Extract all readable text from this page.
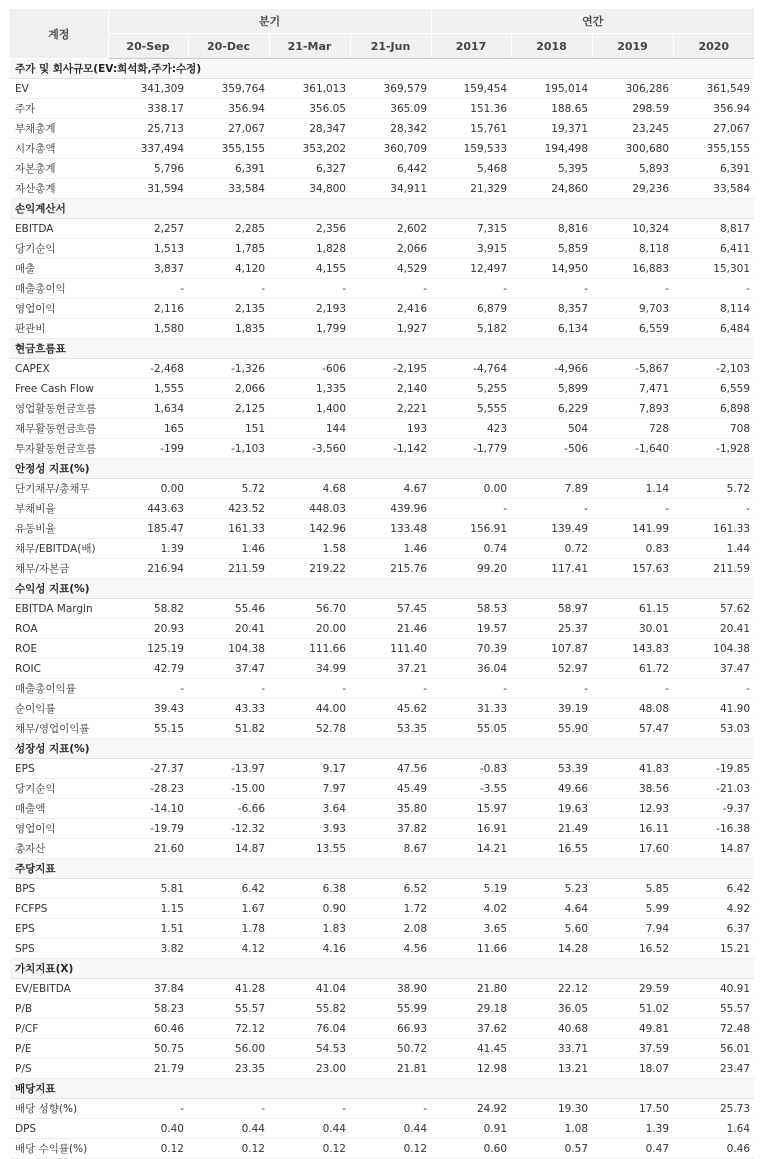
계정	분기				연간			
	20-Sep	20-Dec	21-Mar	21-Jun	2017	2018	2019	2020
주가 및 회사규모(EV:희석화,주가:수정)								
EV	341,309	359,764	361,013	369,579	159,454	195,014	306,286	361,549
주가	338.17	356.94	356.05	365.09	151.36	188.65	298.59	356.94
부채총계	25,713	27,067	28,347	28,342	15,761	19,371	23,245	27,067
시가총액	337,494	355,155	353,202	360,709	159,533	194,498	300,680	355,155
자본총계	5,796	6,391	6,327	6,442	5,468	5,395	5,893	6,391
자산총계	31,594	33,584	34,800	34,911	21,329	24,860	29,236	33,584
손익계산서								
EBITDA	2,257	2,285	2,356	2,602	7,315	8,816	10,324	8,817
당기순익	1,513	1,785	1,828	2,066	3,915	5,859	8,118	6,411
매출	3,837	4,120	4,155	4,529	12,497	14,950	16,883	15,301
매출총이익	-	-	-	-	-	-	-	-
영업이익	2,116	2,135	2,193	2,416	6,879	8,357	9,703	8,114
판관비	1,580	1,835	1,799	1,927	5,182	6,134	6,559	6,484
현금흐름표								
CAPEX	-2,468	-1,326	-606	-2,195	-4,764	-4,966	-5,867	-2,103
Free Cash Flow	1,555	2,066	1,335	2,140	5,255	5,899	7,471	6,559
영업활동현금흐름	1,634	2,125	1,400	2,221	5,555	6,229	7,893	6,898
재무활동현금흐름	165	151	144	193	423	504	728	708
투자활동현금흐름	-199	-1,103	-3,560	-1,142	-1,779	-506	-1,640	-1,928
안정성 지표(%)								
단기채무/총채무	0.00	5.72	4.68	4.67	0.00	7.89	1.14	5.72
부채비율	443.63	423.52	448.03	439.96	-	-	-	-
유동비율	185.47	161.33	142.96	133.48	156.91	139.49	141.99	161.33
채무/EBITDA(배)	1.39	1.46	1.58	1.46	0.74	0.72	0.83	1.44
채무/자본금	216.94	211.59	219.22	215.76	99.20	117.41	157.63	211.59
수익성 지표(%)								
EBITDA Margin	58.82	55.46	56.70	57.45	58.53	58.97	61.15	57.62
ROA	20.93	20.41	20.00	21.46	19.57	25.37	30.01	20.41
ROE	125.19	104.38	111.66	111.40	70.39	107.87	143.83	104.38
ROIC	42.79	37.47	34.99	37.21	36.04	52.97	61.72	37.47
매출총이익률	-	-	-	-	-	-	-	-
순이익률	39.43	43.33	44.00	45.62	31.33	39.19	48.08	41.90
채무/영업이익률	55.15	51.82	52.78	53.35	55.05	55.90	57.47	53.03
성장성 지표(%)								
EPS	-27.37	-13.97	9.17	47.56	-0.83	53.39	41.83	-19.85
당기순익	-28.23	-15.00	7.97	45.49	-3.55	49.66	38.56	-21.03
매출액	-14.10	-6.66	3.64	35.80	15.97	19.63	12.93	-9.37
영업이익	-19.79	-12.32	3.93	37.82	16.91	21.49	16.11	-16.38
총자산	21.60	14.87	13.55	8.67	14.21	16.55	17.60	14.87
주당지표								
BPS	5.81	6.42	6.38	6.52	5.19	5.23	5.85	6.42
FCFPS	1.15	1.67	0.90	1.72	4.02	4.64	5.99	4.92
EPS	1.51	1.78	1.83	2.08	3.65	5.60	7.94	6.37
SPS	3.82	4.12	4.16	4.56	11.66	14.28	16.52	15.21
가치지표(X)								
EV/EBITDA	37.84	41.28	41.04	38.90	21.80	22.12	29.59	40.91
P/B	58.23	55.57	55.82	55.99	29.18	36.05	51.02	55.57
P/CF	60.46	72.12	76.04	66.93	37.62	40.68	49.81	72.48
P/E	50.75	56.00	54.53	50.72	41.45	33.71	37.59	56.01
P/S	21.79	23.35	23.00	21.81	12.98	13.21	18.07	23.47
배당지표								
배당 성향(%)	-	-	-	-	24.92	19.30	17.50	25.73
DPS	0.40	0.44	0.44	0.44	0.91	1.08	1.39	1.64
배당 수익률(%)	0.12	0.12	0.12	0.12	0.60	0.57	0.47	0.46
